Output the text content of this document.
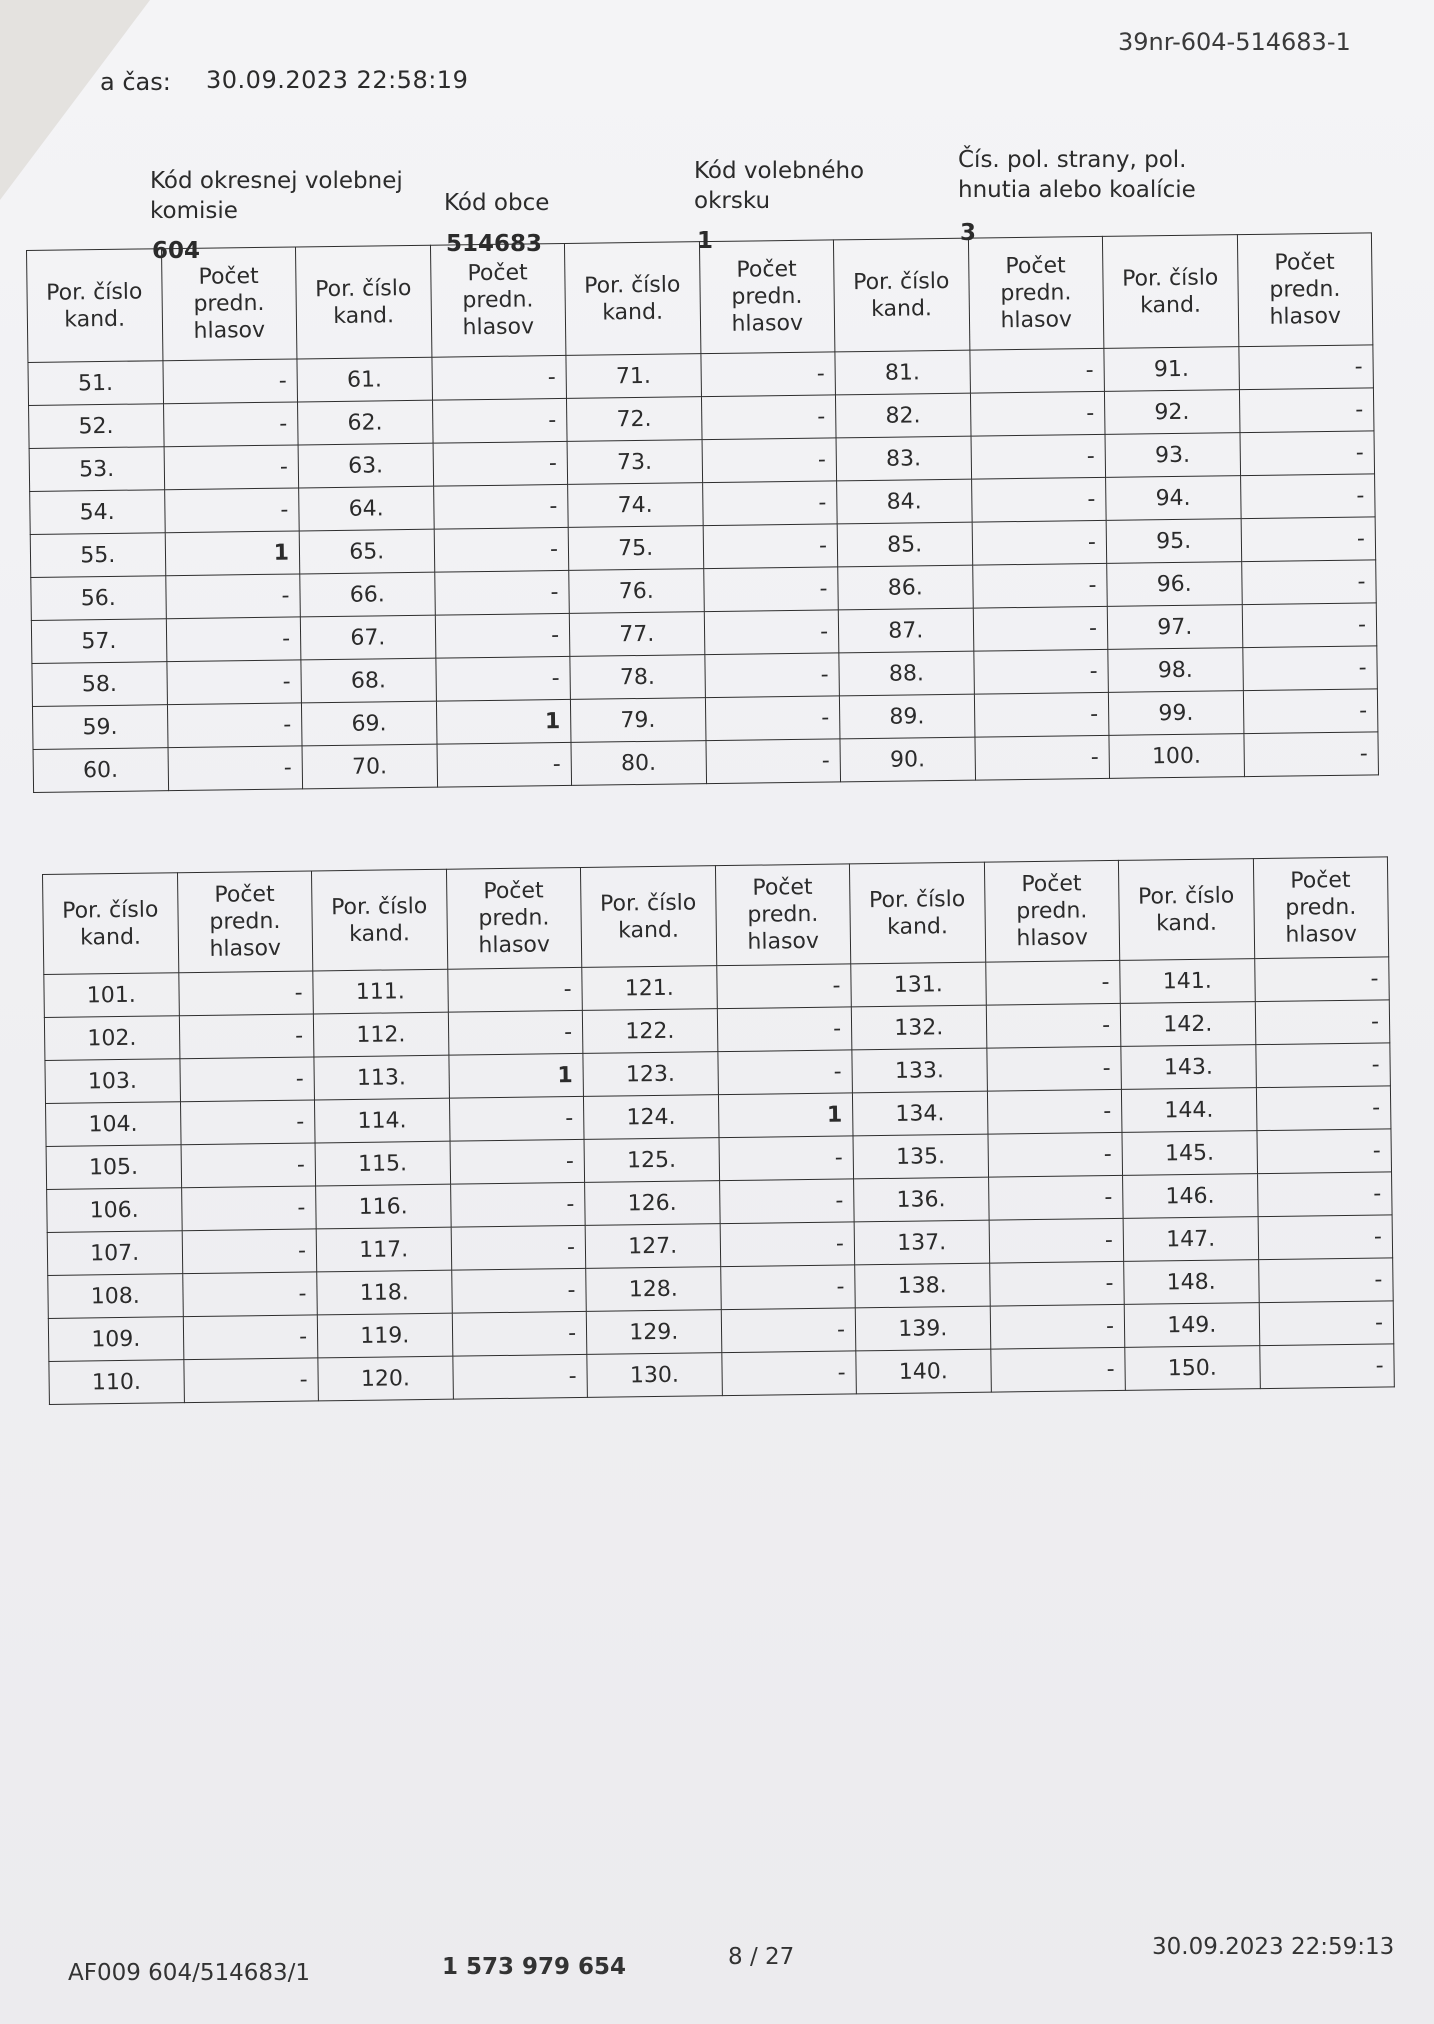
39nr-604-514683-1
a čas: 30.09.2023 22:58:19
Kód okresnej volebnej komisie
604
Kód obce
514683
Kód volebného okrsku
1
Čís. pol. strany, pol. hnutia alebo koalície
3
Por. číslo kand.	Počet predn. hlasov	Por. číslo kand.	Počet predn. hlasov	Por. číslo kand.	Počet predn. hlasov	Por. číslo kand.	Počet predn. hlasov	Por. číslo kand.	Počet predn. hlasov
51.	-	61.	-	71.	-	81.	-	91.	-
52.	-	62.	-	72.	-	82.	-	92.	-
53.	-	63.	-	73.	-	83.	-	93.	-
54.	-	64.	-	74.	-	84.	-	94.	-
55.	1	65.	-	75.	-	85.	-	95.	-
56.	-	66.	-	76.	-	86.	-	96.	-
57.	-	67.	-	77.	-	87.	-	97.	-
58.	-	68.	-	78.	-	88.	-	98.	-
59.	-	69.	1	79.	-	89.	-	99.	-
60.	-	70.	-	80.	-	90.	-	100.	-
Por. číslo kand.	Počet predn. hlasov	Por. číslo kand.	Počet predn. hlasov	Por. číslo kand.	Počet predn. hlasov	Por. číslo kand.	Počet predn. hlasov	Por. číslo kand.	Počet predn. hlasov
101.	-	111.	-	121.	-	131.	-	141.	-
102.	-	112.	-	122.	-	132.	-	142.	-
103.	-	113.	1	123.	-	133.	-	143.	-
104.	-	114.	-	124.	1	134.	-	144.	-
105.	-	115.	-	125.	-	135.	-	145.	-
106.	-	116.	-	126.	-	136.	-	146.	-
107.	-	117.	-	127.	-	137.	-	147.	-
108.	-	118.	-	128.	-	138.	-	148.	-
109.	-	119.	-	129.	-	139.	-	149.	-
110.	-	120.	-	130.	-	140.	-	150.	-
AF009 604/514683/1	1 573 979 654	8 / 27	30.09.2023 22:59:13
